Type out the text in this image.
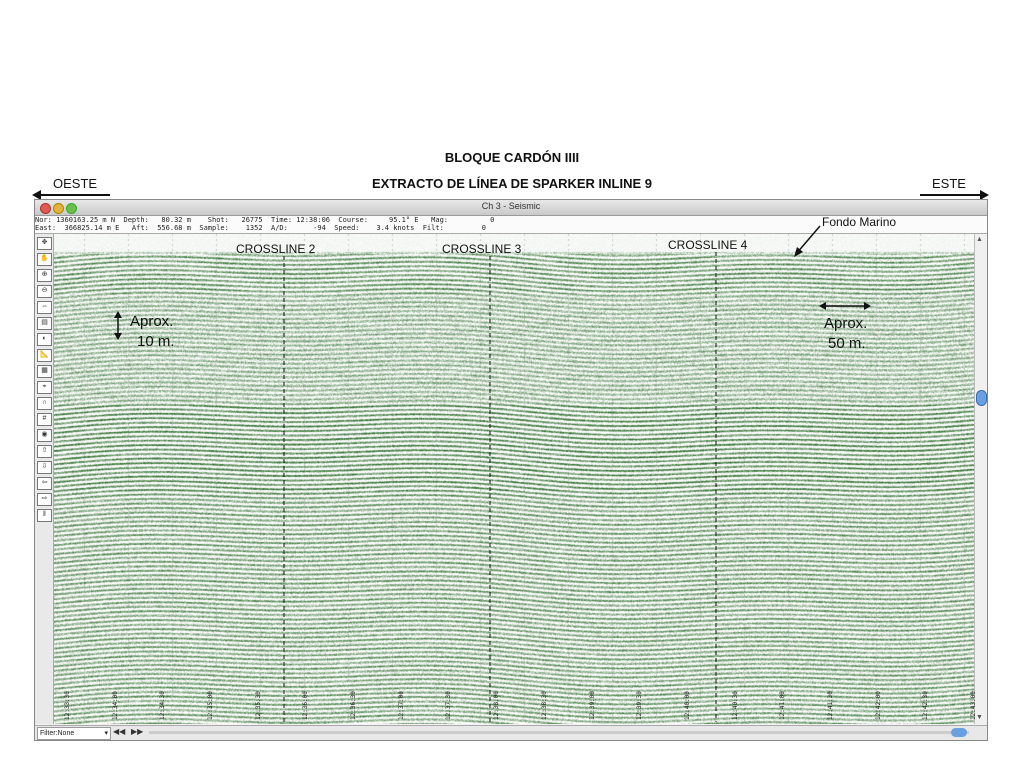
BLOQUE CARDÓN IIII
EXTRACTO DE LÍNEA DE SPARKER INLINE 9
OESTE	ESTE
Ch 3 - Seismic
Nor: 1360163.25 m N  Depth:   80.32 m    Shot:   26775  Time: 12:38:06  Course:     95.1° E   Mag:          0
East:  366825.14 m E   Aft:  556.68 m  Sample:    1352  A/D:      -94  Speed:    3.4 knots  Filt:         0
✥
✋
⊕
⊖
⇔
▤
◐
📐
▦
⌖
∩
#
◉
⇧
⇩
⇦
⇨
‖
▲
▼
Filter:None	▾ ◀◀ ▶▶
CROSSLINE 2	CROSSLINE 3	CROSSLINE 4
Fondo Marino
Aprox.
10 m.
Aprox.
50 m.
12:33:30	12:34:00	12:34:30	12:35:00	12:35:30	12:36:00	12:36:30	12:37:00	12:37:30	12:38:00	12:38:30	12:39:00	12:39:30	12:40:00	12:40:30	12:41:00	12:41:30	12:42:00	12:42:30	12:43:00
